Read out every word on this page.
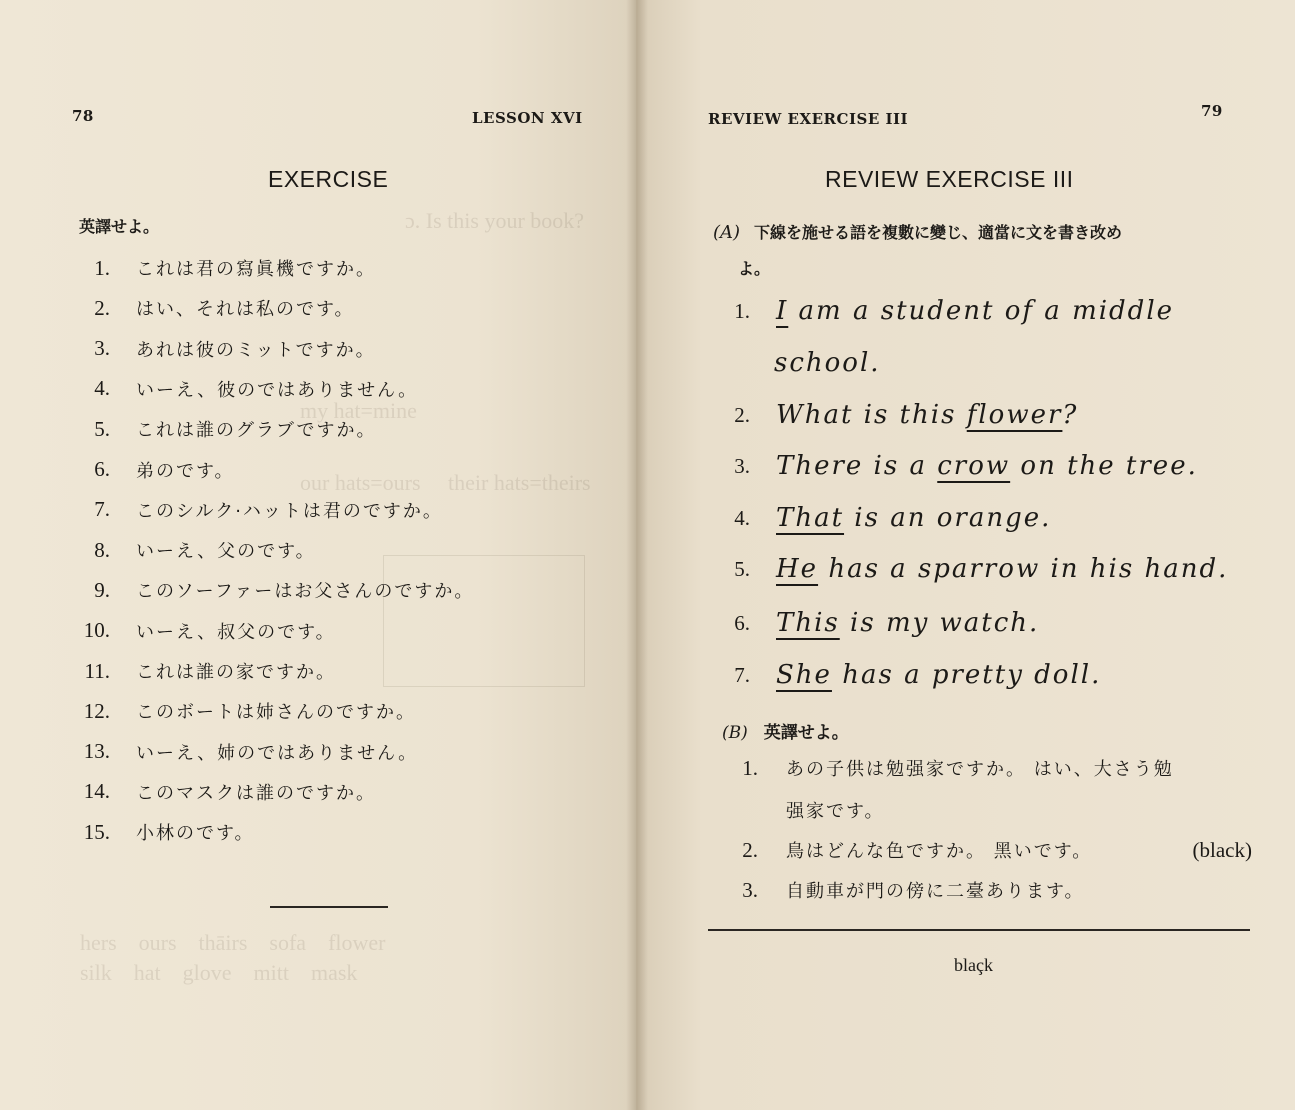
ɔ. Is this your book?
my hat=mine
our hats=ours     their hats=theirs
hers    ours    thāirs    sofa    flower
silk    hat    glove    mitt    mask
78	LESSON XVI
EXERCISE
英譯せよ。
1. これは君の寫眞機ですか。
2. はい、それは私のです。
3. あれは彼のミットですか。
4. いーえ、彼のではありません。
5. これは誰のグラブですか。
6. 弟のです。
7. このシルク·ハットは君のですか。
8. いーえ、父のです。
9. このソーファーはお父さんのですか。
10. いーえ、叔父のです。
11. これは誰の家ですか。
12. このボートは姉さんのですか。
13. いーえ、姉のではありません。
14. このマスクは誰のですか。
15. 小林のです。
REVIEW EXERCISE III	79
REVIEW EXERCISE III
(A) 下線を施せる語を複數に變じ、適當に文を書き改め
よ。
1. I am a student of a middle
school.
2. What is this flower?
3. There is a crow on the tree.
4. That is an orange.
5. He has a sparrow in his hand.
6. This is my watch.
7. She has a pretty doll.
(B) 英譯せよ。
1. あの子供は勉强家ですか。 はい、大さう勉
强家です。
2. 鳥はどんな色ですか。 黑いです。	(black)
3. 自動車が門の傍に二臺あります。
blaçk
